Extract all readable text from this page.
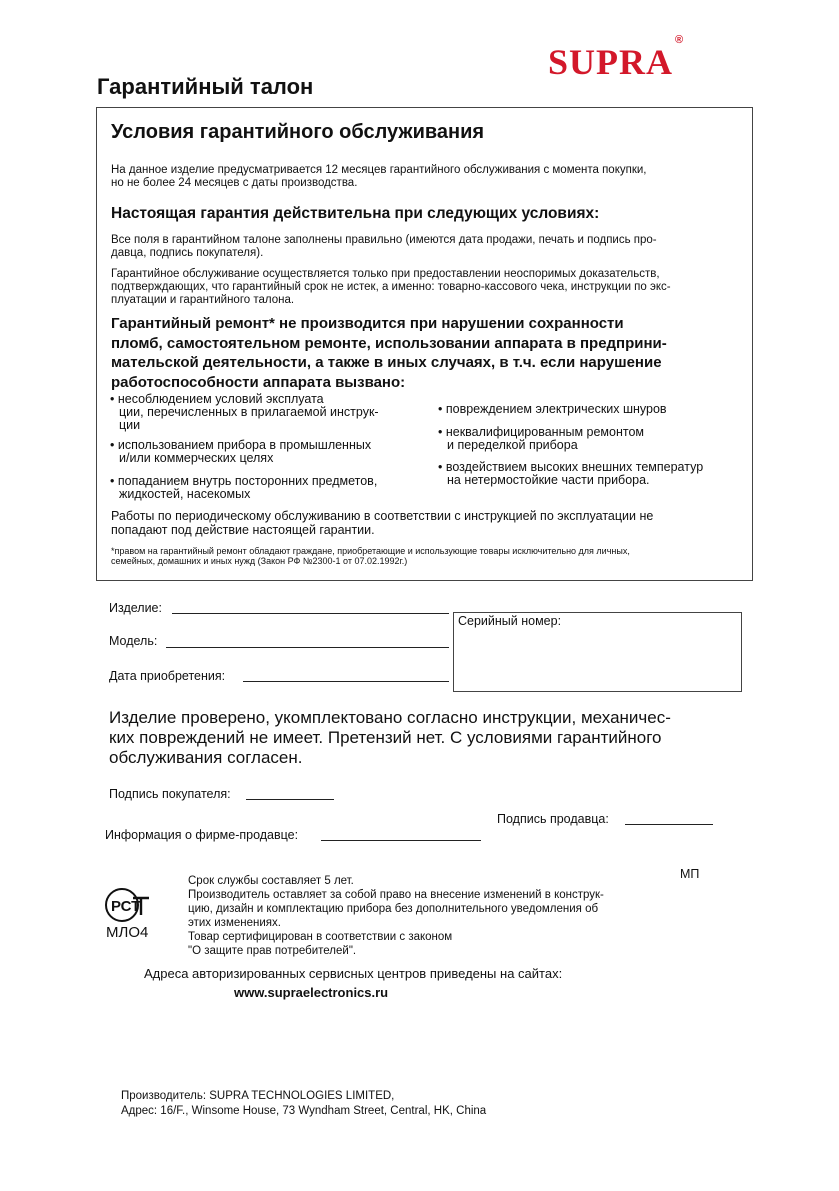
SUPRA®
Гарантийный талон
Условия гарантийного обслуживания
На данное изделие предусматривается 12 месяцев гарантийного обслуживания с момента покупки,
но не более 24 месяцев с даты производства.
Настоящая гарантия действительна при следующих условиях:
Все поля в гарантийном талоне заполнены правильно (имеются дата продажи, печать и подпись про-
давца, подпись покупателя).
Гарантийное обслуживание осуществляется только при предоставлении неоспоримых доказательств,
подтверждающих, что гарантийный срок не истек, а именно: товарно-кассового чека, инструкции по экс-
плуатации и гарантийного талона.
Гарантийный ремонт* не производится при нарушении сохранности
пломб, самостоятельном ремонте, использовании аппарата в предприни-
мательской деятельности, а также в иных случаях, в т.ч. если нарушение
работоспособности аппарата вызвано:
• несоблюдением условий эксплуата
ции, перечисленных в прилагаемой инструк-
ции
• использованием прибора в промышленных
и/или коммерческих целях
• попаданием внутрь посторонних предметов,
жидкостей, насекомых
• повреждением электрических шнуров
• неквалифицированным ремонтом
и переделкой прибора
• воздействием высоких внешних температур
на нетермостойкие части прибора.
Работы по периодическому обслуживанию в соответствии с инструкцией по эксплуатации не
попадают под действие настоящей гарантии.
*правом на гарантийный ремонт обладают граждане, приобретающие и использующие товары исключительно для личных,
семейных, домашних и иных нужд (Закон РФ №2300-1 от 07.02.1992г.)
Изделие:
Модель:
Дата приобретения:
Серийный номер:
Изделие проверено, укомплектовано согласно инструкции, механичес-
ких повреждений не имеет. Претензий нет. С условиями гарантийного
обслуживания согласен.
Подпись покупателя:
Подпись продавца:
Информация о фирме-продавце:
МП
РСТ
МЛО4
Срок службы составляет 5 лет.
Производитель оставляет за собой право на внесение изменений в конструк-
цию, дизайн и комплектацию прибора без дополнительного уведомления об
этих изменениях.
Товар сертифицирован в соответствии с законом
"О защите прав потребителей".
Адреса авторизированных сервисных центров приведены на сайтах:
www.supraelectronics.ru
Производитель: SUPRA TECHNOLOGIES LIMITED,
Адрес: 16/F., Winsome House, 73 Wyndham Street, Central, HK, China
